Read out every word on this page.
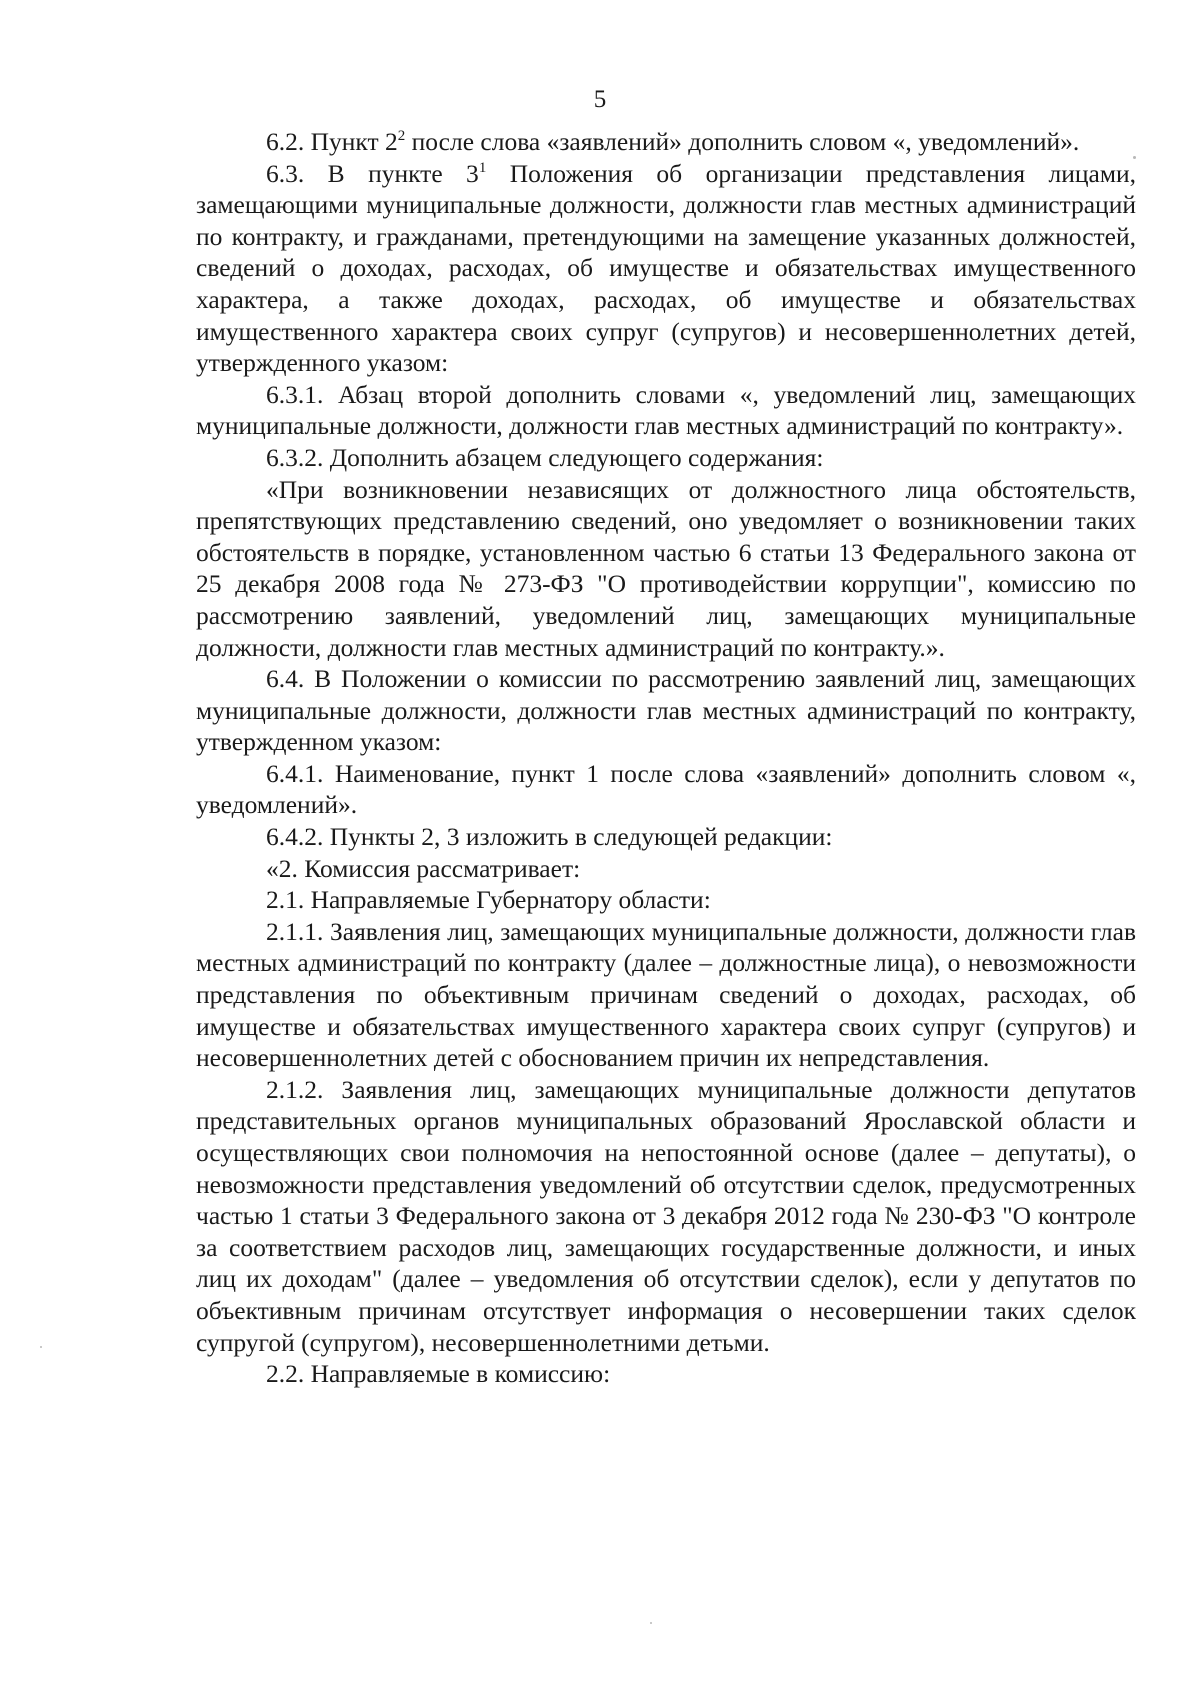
5

6.2. Пункт $2^2$ после слова «заявлений» дополнить словом «, уведомлений».

6.3. В пункте $3^1$ Положения об организации представления лицами, замещающими муниципальные должности, должности глав местных администраций по контракту, и гражданами, претендующими на замещение указанных должностей, сведений о доходах, расходах, об имуществе и обязательствах имущественного характера, а также доходах, расходах, об имуществе и обязательствах имущественного характера своих супруг (супругов) и несовершеннолетних детей, утвержденного указом:

6.3.1. Абзац второй дополнить словами «, уведомлений лиц, замещающих муниципальные должности, должности глав местных администраций по контракту».

6.3.2. Дополнить абзацем следующего содержания:

«При возникновении независящих от должностного лица обстоятельств, препятствующих представлению сведений, оно уведомляет о возникновении таких обстоятельств в порядке, установленном частью 6 статьи 13 Федерального закона от 25 декабря 2008 года № 273-ФЗ "О противодействии коррупции", комиссию по рассмотрению заявлений, уведомлений лиц, замещающих муниципальные должности, должности глав местных администраций по контракту.».

6.4. В Положении о комиссии по рассмотрению заявлений лиц, замещающих муниципальные должности, должности глав местных администраций по контракту, утвержденном указом:

6.4.1. Наименование, пункт 1 после слова «заявлений» дополнить словом «, уведомлений».

6.4.2. Пункты 2, 3 изложить в следующей редакции:

«2. Комиссия рассматривает:

2.1. Направляемые Губернатору области:

2.1.1. Заявления лиц, замещающих муниципальные должности, должности глав местных администраций по контракту (далее – должностные лица), о невозможности представления по объективным причинам сведений о доходах, расходах, об имуществе и обязательствах имущественного характера своих супруг (супругов) и несовершеннолетних детей с обоснованием причин их непредставления.

2.1.2. Заявления лиц, замещающих муниципальные должности депутатов представительных органов муниципальных образований Ярославской области и осуществляющих свои полномочия на непостоянной основе (далее – депутаты), о невозможности представления уведомлений об отсутствии сделок, предусмотренных частью 1 статьи 3 Федерального закона от 3 декабря 2012 года № 230-ФЗ "О контроле за соответствием расходов лиц, замещающих государственные должности, и иных лиц их доходам" (далее – уведомления об отсутствии сделок), если у депутатов по объективным причинам отсутствует информация о несовершении таких сделок супругой (супругом), несовершеннолетними детьми.

2.2. Направляемые в комиссию:
